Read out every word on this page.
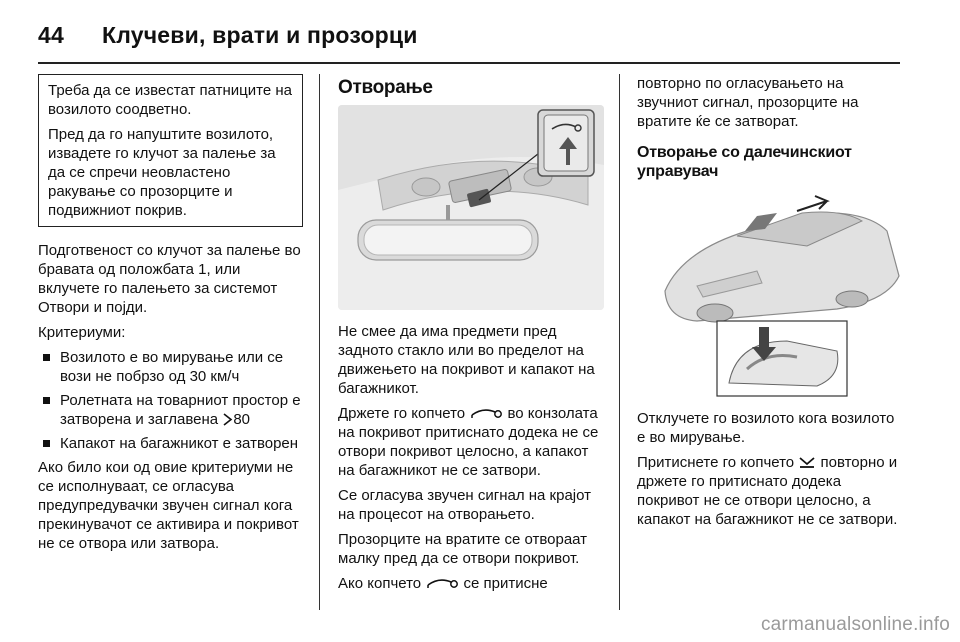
44 Клучеви, врати и прозорци

Треба да се известат патниците на возилото соодветно.

Пред да го напуштите возилото, извадете го клучот за палење за да се спречи неовластено ракување со прозорците и подвижниот покрив.

Подготвеност со клучот за палење во бравата од положбата 1, или вклучете го палењето за системот Отвори и појди.

Критериуми:

Возилото е во мирување или се вози не побрзо од 30 км/ч
Ролетната на товарниот простор е затворена и заглавена 80
Капакот на багажникот е затворен

Ако било кои од овие критериуми не се исполнуваат, се огласува предупредувачки звучен сигнал кога прекинувачот се активира и покривот не се отвора или затвора.

Отворање

Не смее да има предмети пред задното стакло или во пределот на движењето на покривот и капакот на багажникот.

Држете го копчето	во конзолата на покривот притиснато додека не се отвори покривот целосно, а капакот на багажникот не се затвори.

Се огласува звучен сигнал на крајот на процесот на отворањето.

Прозорците на вратите се отвораат малку пред да се отвори покривот.

Ако копчето	се притисне

повторно по огласувањето на звучниот сигнал, прозорците на вратите ќе се затворат.

Отворање со далечинскиот управувач

Отклучете го возилото кога возилото е во мирување.

Притиснете го копчето повторно и држете го притиснато додека покривот не се отвори целосно, а капакот на багажникот не се затвори.

carmanualsonline.info
